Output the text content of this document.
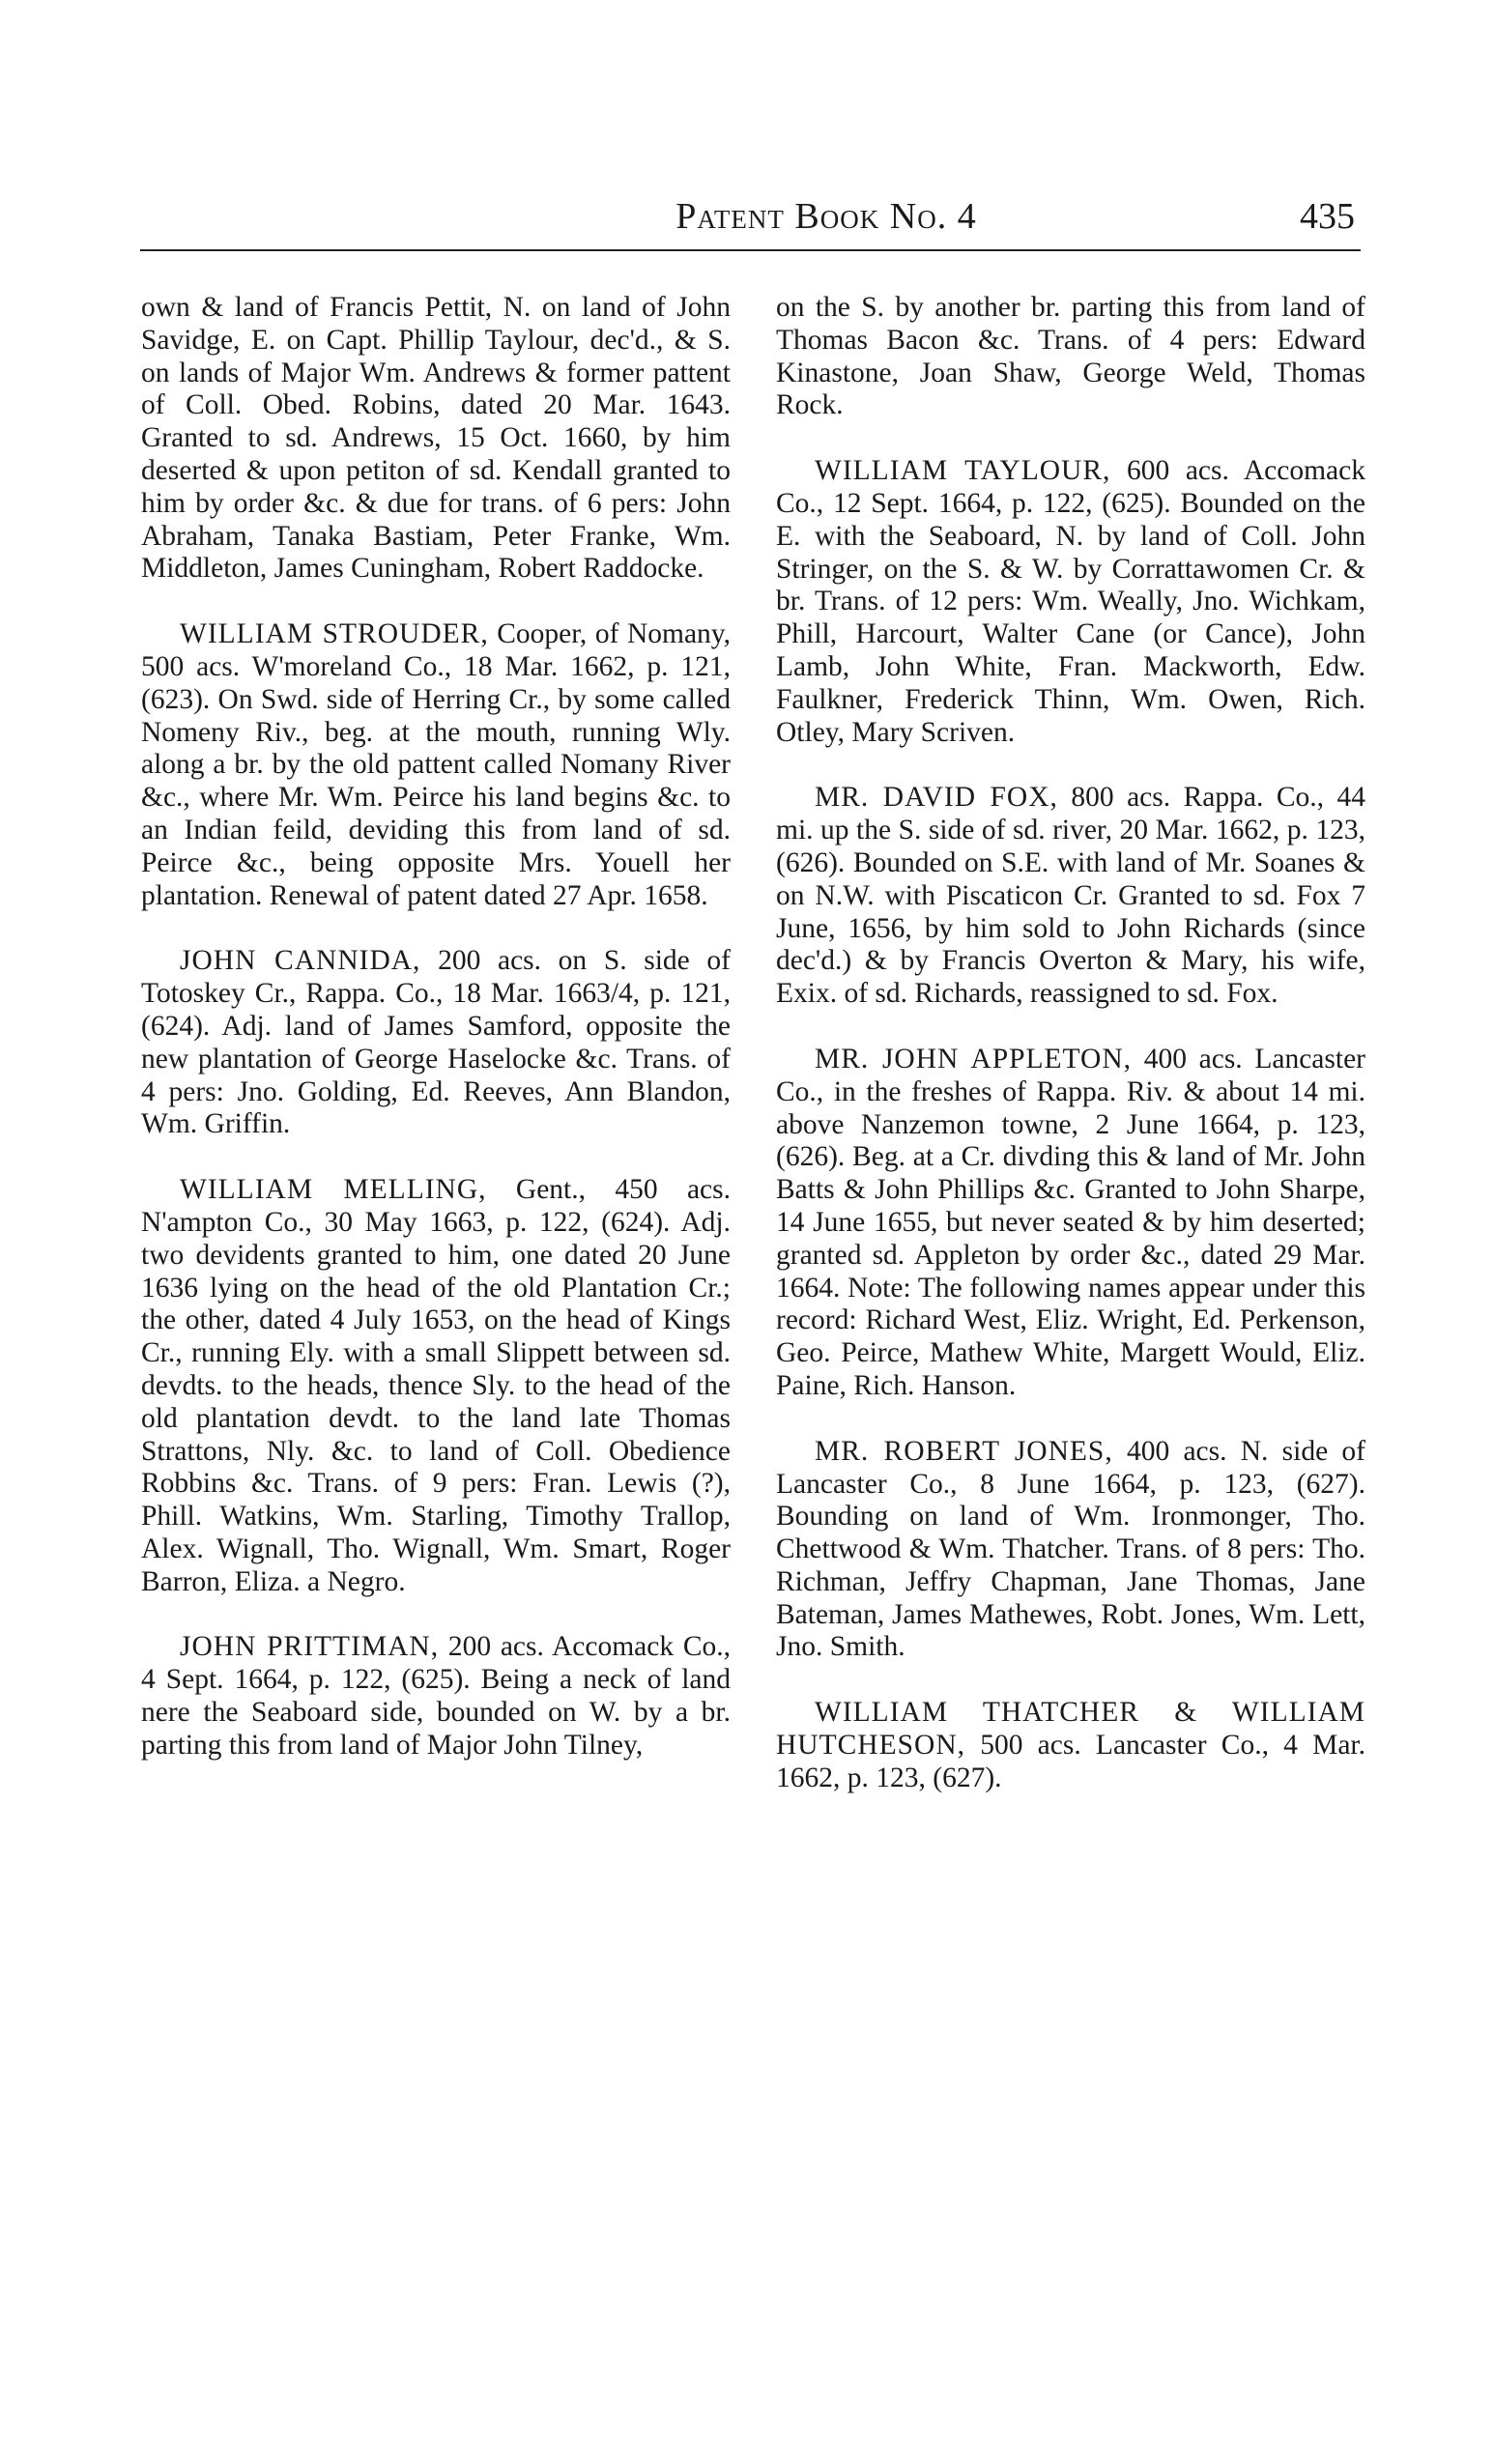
Patent Book No. 4	435

own & land of Francis Pettit, N. on land of John Savidge, E. on Capt. Phillip Taylour, dec'd., & S. on lands of Major Wm. Andrews & former pattent of Coll. Obed. Robins, dated 20 Mar. 1643. Granted to sd. Andrews, 15 Oct. 1660, by him deserted & upon petiton of sd. Kendall granted to him by order &c. & due for trans. of 6 pers: John Abraham, Tanaka Bastiam, Peter Franke, Wm. Middleton, James Cuningham, Robert Raddocke.

WILLIAM STROUDER, Cooper, of Nomany, 500 acs. W'moreland Co., 18 Mar. 1662, p. 121, (623). On Swd. side of Herring Cr., by some called Nomeny Riv., beg. at the mouth, running Wly. along a br. by the old pattent called Nomany River &c., where Mr. Wm. Peirce his land begins &c. to an Indian feild, deviding this from land of sd. Peirce &c., being opposite Mrs. Youell her plantation. Renewal of patent dated 27 Apr. 1658.

JOHN CANNIDA, 200 acs. on S. side of Totoskey Cr., Rappa. Co., 18 Mar. 1663/4, p. 121, (624). Adj. land of James Samford, opposite the new plantation of George Haselocke &c. Trans. of 4 pers: Jno. Golding, Ed. Reeves, Ann Blandon, Wm. Griffin.

WILLIAM MELLING, Gent., 450 acs. N'ampton Co., 30 May 1663, p. 122, (624). Adj. two devidents granted to him, one dated 20 June 1636 lying on the head of the old Plantation Cr.; the other, dated 4 July 1653, on the head of Kings Cr., running Ely. with a small Slippett between sd. devdts. to the heads, thence Sly. to the head of the old plantation devdt. to the land late Thomas Strattons, Nly. &c. to land of Coll. Obedience Robbins &c. Trans. of 9 pers: Fran. Lewis (?), Phill. Watkins, Wm. Starling, Timothy Trallop, Alex. Wignall, Tho. Wignall, Wm. Smart, Roger Barron, Eliza. a Negro.

JOHN PRITTIMAN, 200 acs. Accomack Co., 4 Sept. 1664, p. 122, (625). Being a neck of land nere the Seaboard side, bounded on W. by a br. parting this from land of Major John Tilney,

on the S. by another br. parting this from land of Thomas Bacon &c. Trans. of 4 pers: Edward Kinastone, Joan Shaw, George Weld, Thomas Rock.

WILLIAM TAYLOUR, 600 acs. Accomack Co., 12 Sept. 1664, p. 122, (625). Bounded on the E. with the Seaboard, N. by land of Coll. John Stringer, on the S. & W. by Corrattawomen Cr. & br. Trans. of 12 pers: Wm. Weally, Jno. Wichkam, Phill, Harcourt, Walter Cane (or Cance), John Lamb, John White, Fran. Mackworth, Edw. Faulkner, Frederick Thinn, Wm. Owen, Rich. Otley, Mary Scriven.

MR. DAVID FOX, 800 acs. Rappa. Co., 44 mi. up the S. side of sd. river, 20 Mar. 1662, p. 123, (626). Bounded on S.E. with land of Mr. Soanes & on N.W. with Piscaticon Cr. Granted to sd. Fox 7 June, 1656, by him sold to John Richards (since dec'd.) & by Francis Overton & Mary, his wife, Exix. of sd. Richards, reassigned to sd. Fox.

MR. JOHN APPLETON, 400 acs. Lancaster Co., in the freshes of Rappa. Riv. & about 14 mi. above Nanzemon towne, 2 June 1664, p. 123, (626). Beg. at a Cr. divding this & land of Mr. John Batts & John Phillips &c. Granted to John Sharpe, 14 June 1655, but never seated & by him deserted; granted sd. Appleton by order &c., dated 29 Mar. 1664. Note: The following names appear under this record: Richard West, Eliz. Wright, Ed. Perkenson, Geo. Peirce, Mathew White, Margett Would, Eliz. Paine, Rich. Hanson.

MR. ROBERT JONES, 400 acs. N. side of Lancaster Co., 8 June 1664, p. 123, (627). Bounding on land of Wm. Ironmonger, Tho. Chettwood & Wm. Thatcher. Trans. of 8 pers: Tho. Richman, Jeffry Chapman, Jane Thomas, Jane Bateman, James Mathewes, Robt. Jones, Wm. Lett, Jno. Smith.

WILLIAM THATCHER & WILLIAM HUTCHESON, 500 acs. Lancaster Co., 4 Mar. 1662, p. 123, (627).
